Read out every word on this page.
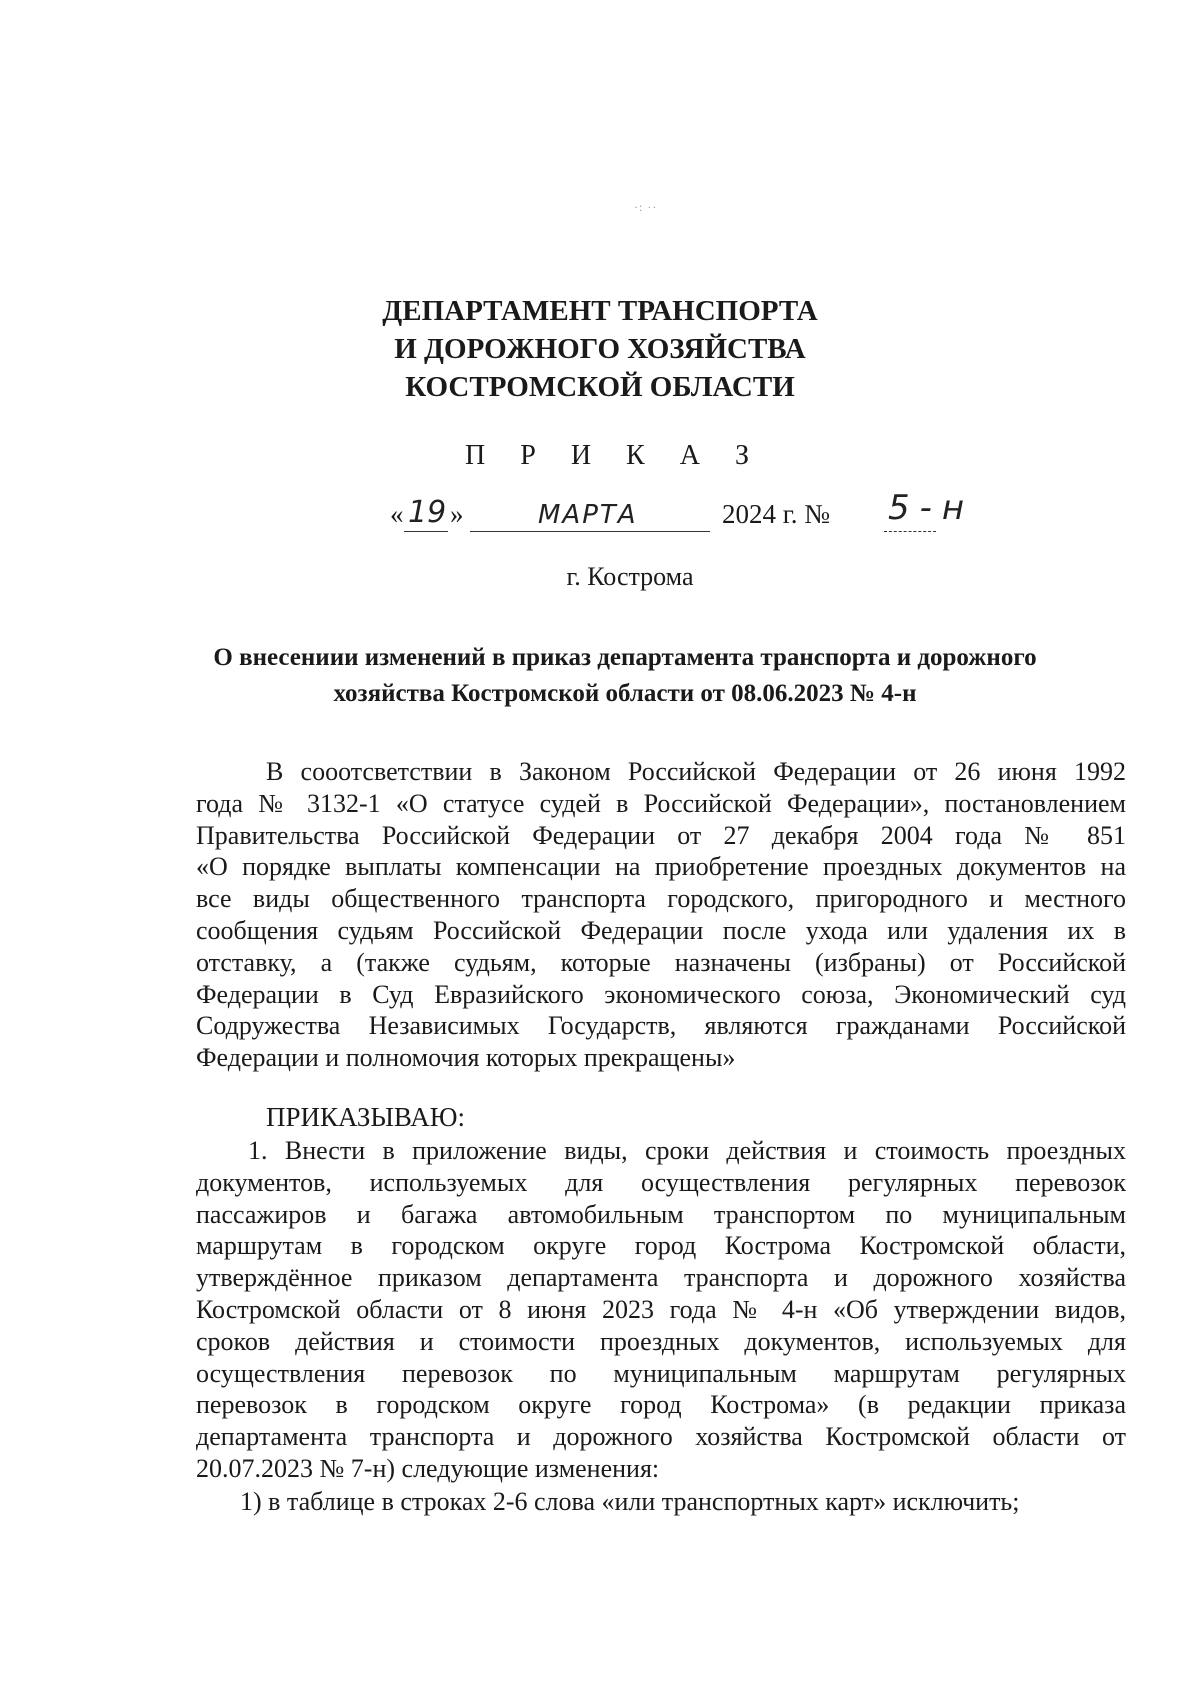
·: ··
ДЕПАРТАМЕНТ ТРАНСПОРТА
И ДОРОЖНОГО ХОЗЯЙСТВА
КОСТРОМСКОЙ ОБЛАСТИ
П Р И К А З
« 19 »	МАРТА	2024 г. № 5-н
г. Кострома
О внесениии изменений в приказ департамента транспорта и дорожного
хозяйства Костромской области от 08.06.2023 № 4-н
В сооотсветствии в Законом Российской Федерации от 26 июня 1992
года № 3132-1 «О статусе судей в Российской Федерации», постановлением
Правительства Российской Федерации от 27 декабря 2004 года № 851
«О порядке выплаты компенсации на приобретение проездных документов на
все виды общественного транспорта городского, пригородного и местного
сообщения судьям Российской Федерации после ухода или удаления их в
отставку, а (также судьям, которые назначены (избраны) от Российской
Федерации в Суд Евразийского экономического союза, Экономический суд
Содружества Независимых Государств, являются гражданами Российской
Федерации и полномочия которых прекращены»
ПРИКАЗЫВАЮ:
1. Внести в приложение виды, сроки действия и стоимость проездных
документов, используемых для осуществления регулярных перевозок
пассажиров и багажа автомобильным транспортом по муниципальным
маршрутам в городском округе город Кострома Костромской области,
утверждённое приказом департамента транспорта и дорожного хозяйства
Костромской области от 8 июня 2023 года № 4-н «Об утверждении видов,
сроков действия и стоимости проездных документов, используемых для
осуществления перевозок по муниципальным маршрутам регулярных
перевозок в городском округе город Кострома» (в редакции приказа
департамента транспорта и дорожного хозяйства Костромской области от
20.07.2023 № 7-н) следующие изменения:
1) в таблице в строках 2-6 слова «или транспортных карт» исключить;
